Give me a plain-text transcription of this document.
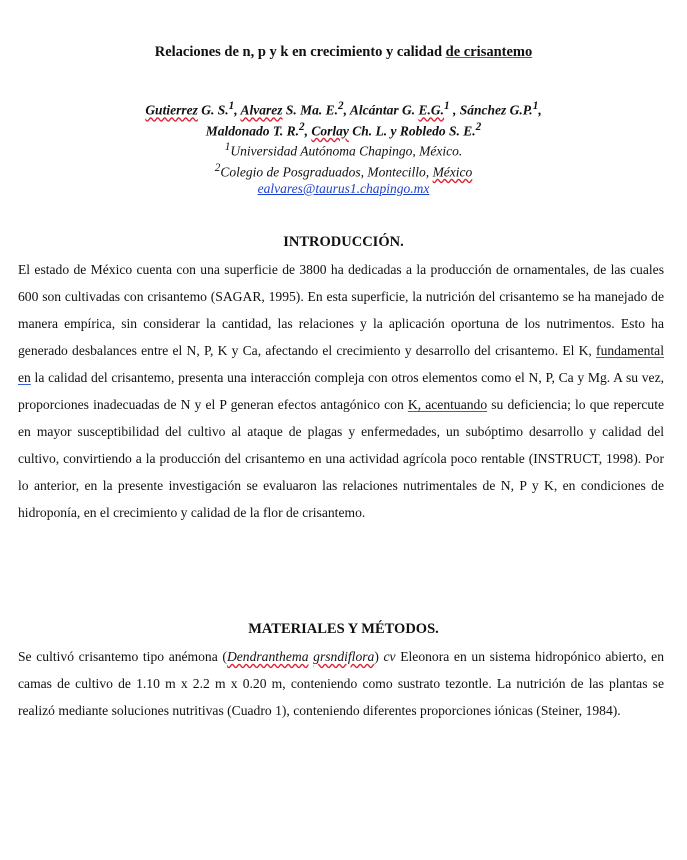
Relaciones de n, p y k en crecimiento y calidad de crisantemo
Gutierrez G. S.$^1$, Alvarez S. Ma. E.$^2$, Alcántar G. E.G.$^1$ , Sánchez G.P.$^1$,
Maldonado T. R.$^2$, Corlay Ch. L. y Robledo S. E.$^2$
$^1$Universidad Autónoma Chapingo, México.
$^2$Colegio de Posgraduados, Montecillo, México
ealvares@taurus1.chapingo.mx
INTRODUCCIÓN.

El estado de México cuenta con una superficie de 3800 ha dedicadas a la producción de ornamentales, de las cuales 600 son cultivadas con crisantemo (SAGAR, 1995). En esta superficie, la nutrición del crisantemo se ha manejado de manera empírica, sin considerar la cantidad, las relaciones y la aplicación oportuna de los nutrimentos. Esto ha generado desbalances entre el N, P, K y Ca, afectando el crecimiento y desarrollo del crisantemo. El K, fundamental en la calidad del crisantemo, presenta una interacción compleja con otros elementos como el N, P, Ca y Mg. A su vez, proporciones inadecuadas de N y el P generan efectos antagónico con K, acentuando su deficiencia; lo que repercute en mayor susceptibilidad del cultivo al ataque de plagas y enfermedades, un subóptimo desarrollo y calidad del cultivo, convirtiendo a la producción del crisantemo en una actividad agrícola poco rentable (INSTRUCT, 1998). Por lo anterior, en la presente investigación se evaluaron las relaciones nutrimentales de N, P y K, en condiciones de hidroponía, en el crecimiento y calidad de la flor de crisantemo.

MATERIALES Y MÉTODOS.

Se cultivó crisantemo tipo anémona (Dendranthema grsndiflora) cv Eleonora en un sistema hidropónico abierto, en camas de cultivo de 1.10 m x 2.2 m x 0.20 m, conteniendo como sustrato tezontle. La nutrición de las plantas se realizó mediante soluciones nutritivas (Cuadro 1), conteniendo diferentes proporciones iónicas (Steiner, 1984).
